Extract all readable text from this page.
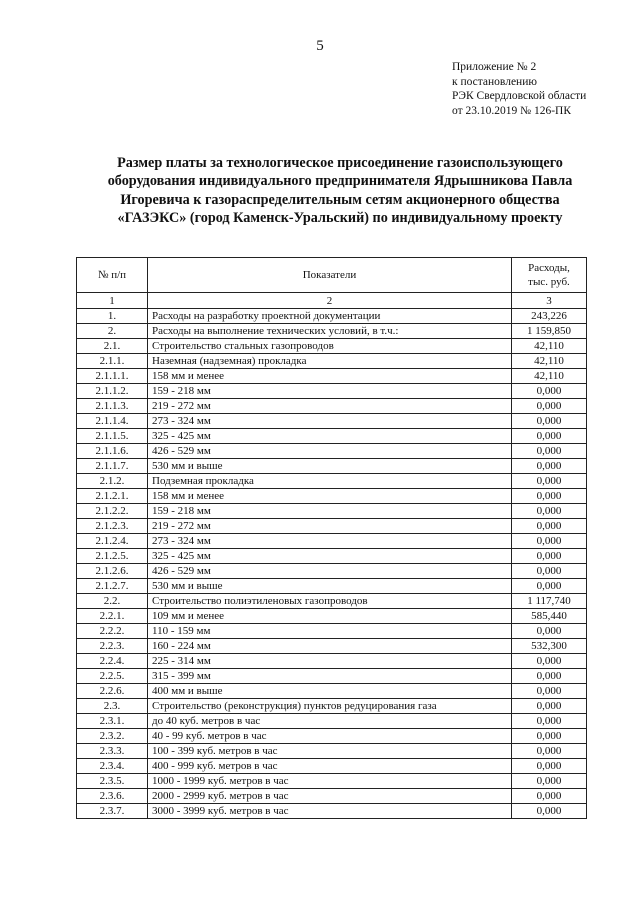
5
Приложение № 2
к постановлению
РЭК Свердловской области
от 23.10.2019 № 126-ПК
Размер платы за технологическое присоединение газоиспользующего
оборудования индивидуального предпринимателя Ядрышникова Павла
Игоревича к газораспределительным сетям акционерного общества
«ГАЗЭКС» (город Каменск-Уральский) по индивидуальному проекту
№ п/п	Показатели	Расходы,
тыс. руб.

1	2	3
1.	Расходы на разработку проектной документации	243,226
2.	Расходы на выполнение технических условий, в т.ч.:	1 159,850
2.1.	Строительство стальных газопроводов	42,110
2.1.1.	Наземная (надземная) прокладка	42,110
2.1.1.1.	158 мм и менее	42,110
2.1.1.2.	159 - 218 мм	0,000
2.1.1.3.	219 - 272 мм	0,000
2.1.1.4.	273 - 324 мм	0,000
2.1.1.5.	325 - 425 мм	0,000
2.1.1.6.	426 - 529 мм	0,000
2.1.1.7.	530 мм и выше	0,000
2.1.2.	Подземная прокладка	0,000
2.1.2.1.	158 мм и менее	0,000
2.1.2.2.	159 - 218 мм	0,000
2.1.2.3.	219 - 272 мм	0,000
2.1.2.4.	273 - 324 мм	0,000
2.1.2.5.	325 - 425 мм	0,000
2.1.2.6.	426 - 529 мм	0,000
2.1.2.7.	530 мм и выше	0,000
2.2.	Строительство полиэтиленовых газопроводов	1 117,740
2.2.1.	109 мм и менее	585,440
2.2.2.	110 - 159 мм	0,000
2.2.3.	160 - 224 мм	532,300
2.2.4.	225 - 314 мм	0,000
2.2.5.	315 - 399 мм	0,000
2.2.6.	400 мм и выше	0,000
2.3.	Строительство (реконструкция) пунктов редуцирования газа	0,000
2.3.1.	до 40 куб. метров в час	0,000
2.3.2.	40 - 99 куб. метров в час	0,000
2.3.3.	100 - 399 куб. метров в час	0,000
2.3.4.	400 - 999 куб. метров в час	0,000
2.3.5.	1000 - 1999 куб. метров в час	0,000
2.3.6.	2000 - 2999 куб. метров в час	0,000
2.3.7.	3000 - 3999 куб. метров в час	0,000
